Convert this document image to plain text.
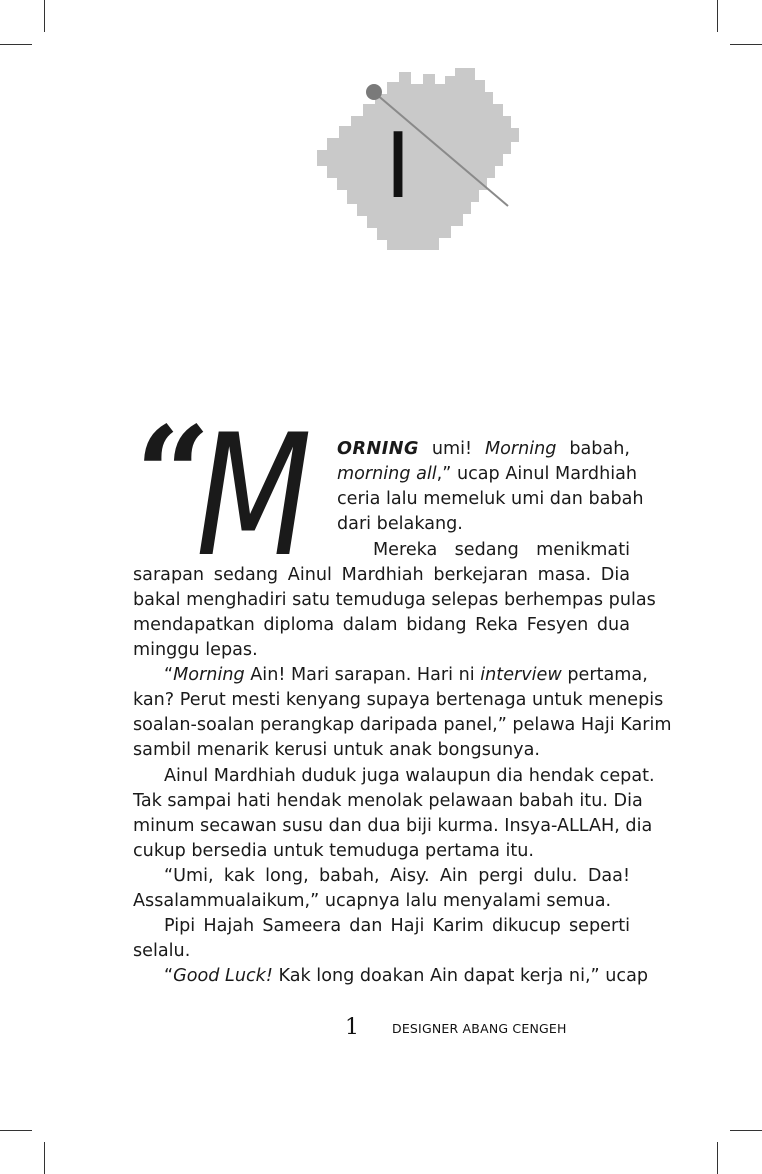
I
“
M ORNING umi! Morning babah,
morning all,” ucap Ainul Mardhiah
ceria lalu memeluk umi dan babah
dari belakang.
Mereka sedang menikmati
sarapan sedang Ainul Mardhiah berkejaran masa. Dia
bakal menghadiri satu temuduga selepas berhempas pulas
mendapatkan diploma dalam bidang Reka Fesyen dua
minggu lepas.
“Morning Ain! Mari sarapan. Hari ni interview pertama,
kan? Perut mesti kenyang supaya bertenaga untuk menepis
soalan-soalan perangkap daripada panel,” pelawa Haji Karim
sambil menarik kerusi untuk anak bongsunya.
Ainul Mardhiah duduk juga walaupun dia hendak cepat.
Tak sampai hati hendak menolak pelawaan babah itu. Dia
minum secawan susu dan dua biji kurma. Insya-ALLAH, dia
cukup bersedia untuk temuduga pertama itu.
“Umi, kak long, babah, Aisy. Ain pergi dulu. Daa!
Assalammualaikum,” ucapnya lalu menyalami semua.
Pipi Hajah Sameera dan Haji Karim dikucup seperti
selalu.
“Good Luck! Kak long doakan Ain dapat kerja ni,” ucap
1	DESIGNER ABANG CENGEH
